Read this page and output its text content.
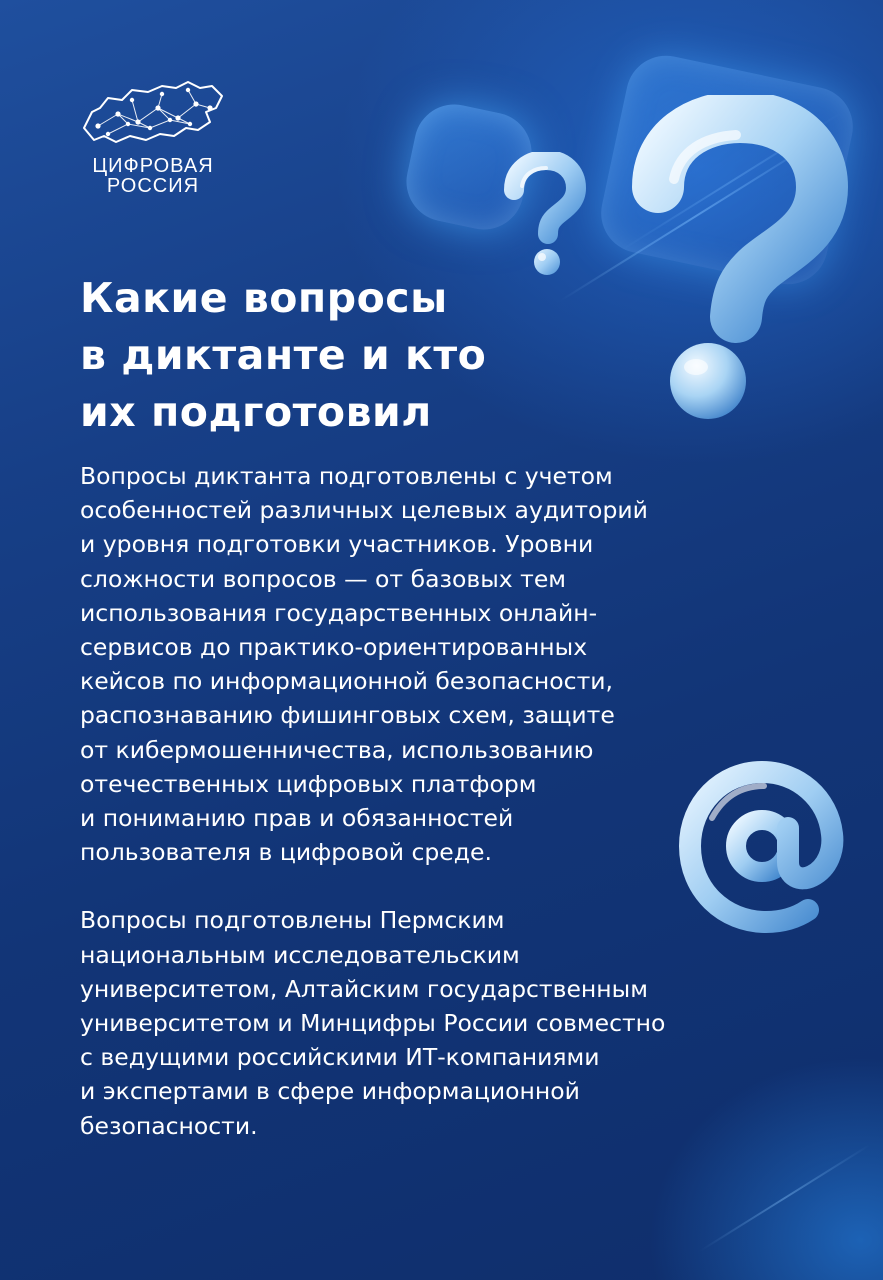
ЦИФРОВАЯ
РОССИЯ
Какие вопросы
в диктанте и кто
их подготовил

Вопросы диктанта подготовлены с учетом
особенностей различных целевых аудиторий
и уровня подготовки участников. Уровни
сложности вопросов — от базовых тем
использования государственных онлайн-
сервисов до практико-ориентированных
кейсов по информационной безопасности,
распознаванию фишинговых схем, защите
от кибермошенничества, использованию
отечественных цифровых платформ
и пониманию прав и обязанностей
пользователя в цифровой среде.

Вопросы подготовлены Пермским
национальным исследовательским
университетом, Алтайским государственным
университетом и Минцифры России совместно
с ведущими российскими ИТ-компаниями
и экспертами в сфере информационной
безопасности.
